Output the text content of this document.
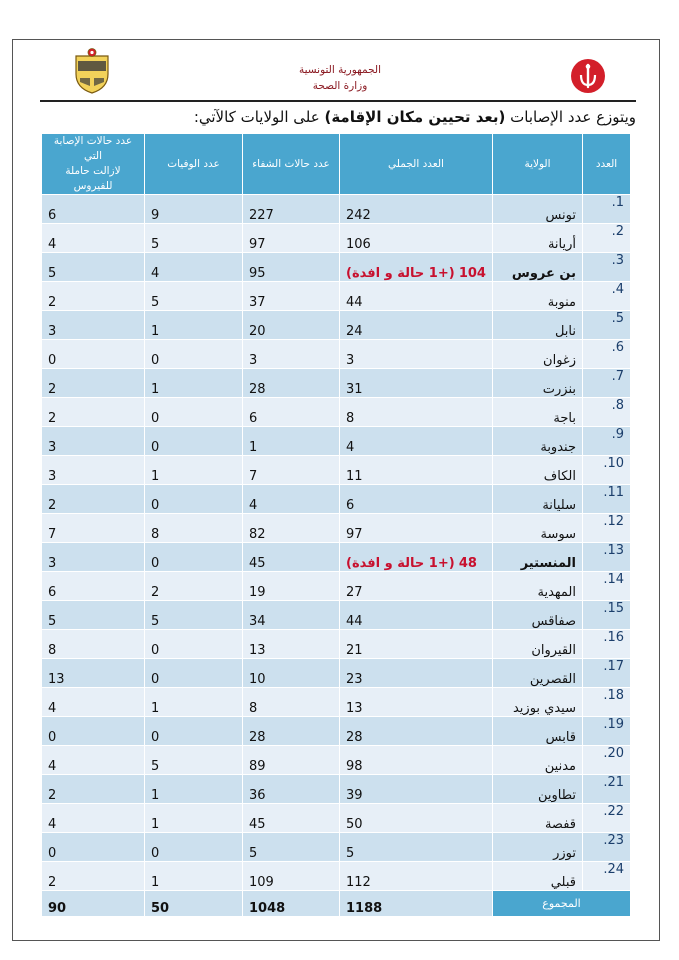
الجمهورية التونسية
وزارة الصحة
ويتوزع عدد الإصابات (بعد تحيين مكان الإقامة) على الولايات كالآتي:
العدد	الولاية	العدد الجملي	عدد حالات الشفاء	عدد الوفيات	عدد حالات الإصابة التي
لازالت حاملة للفيروس

1.	تونس	242	227	9	6
2.	أريانة	106	97	5	4
3.	بن عروس	104 (+1 حالة و افدة)	95	4	5
4.	منوبة	44	37	5	2
5.	نابل	24	20	1	3
6.	زغوان	3	3	0	0
7.	بنزرت	31	28	1	2
8.	باجة	8	6	0	2
9.	جندوبة	4	1	0	3
10.	الكاف	11	7	1	3
11.	سليانة	6	4	0	2
12.	سوسة	97	82	8	7
13.	المنستير	48 (+1 حالة و افدة)	45	0	3
14.	المهدية	27	19	2	6
15.	صفاقس	44	34	5	5
16.	القيروان	21	13	0	8
17.	القصرين	23	10	0	13
18.	سيدي بوزيد	13	8	1	4
19.	قابس	28	28	0	0
20.	مدنين	98	89	5	4
21.	تطاوين	39	36	1	2
22.	قفصة	50	45	1	4
23.	توزر	5	5	0	0
24.	قبلي	112	109	1	2
المجموع		1188	1048	50	90
